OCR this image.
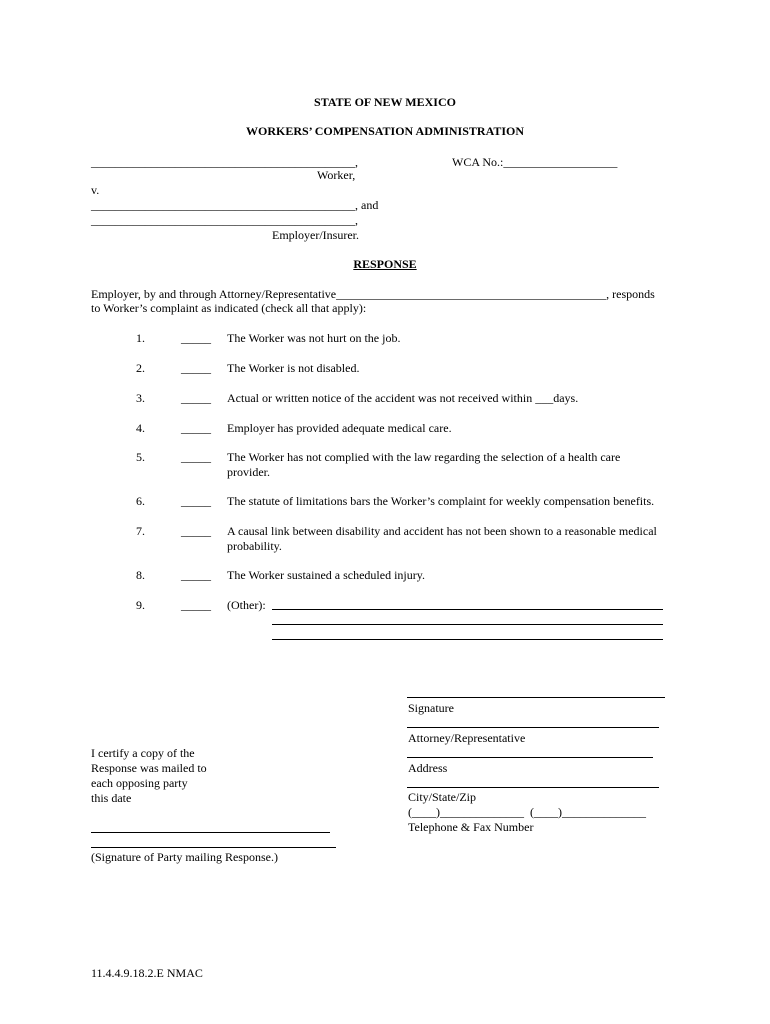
STATE OF NEW MEXICO
WORKERS’ COMPENSATION ADMINISTRATION
____________________________________________,	WCA No.:___________________
Worker,
v.
____________________________________________, and
____________________________________________,
Employer/Insurer.
RESPONSE
Employer, by and through Attorney/Representative_____________________________________________, responds
to Worker’s complaint as indicated (check all that apply):
1.	_____ The Worker was not hurt on the job.
2.	_____ The Worker is not disabled.
3.	_____ Actual or written notice of the accident was not received within ___days.
4.	_____ Employer has provided adequate medical care.
5.	_____ The Worker has not complied with the law regarding the selection of a health care
provider.
6.	_____ The statute of limitations bars the Worker’s complaint for weekly compensation benefits.
7.	_____ A causal link between disability and accident has not been shown to a reasonable medical
probability.
8.	_____ The Worker sustained a scheduled injury.
9.	_____ (Other):
Signature
Attorney/Representative
Address
City/State/Zip
(____)______________  (____)______________
Telephone & Fax Number
I certify a copy of the
Response was mailed to
each opposing party
this date
(Signature of Party mailing Response.)
11.4.4.9.18.2.E NMAC
